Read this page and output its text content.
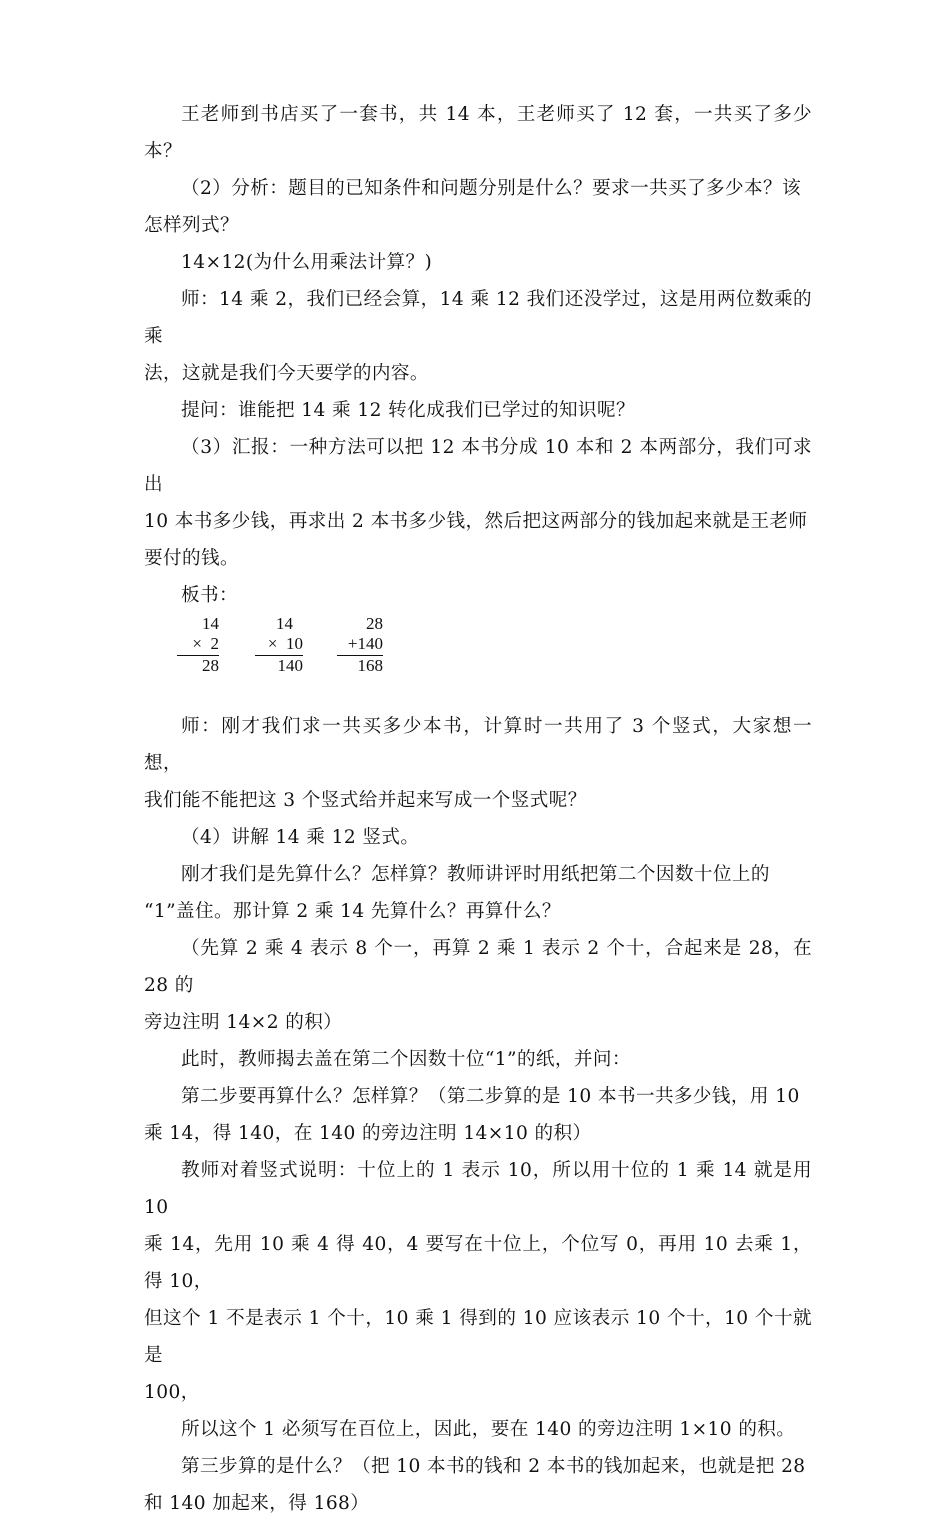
王老师到书店买了一套书，共 14 本，王老师买了 12 套，一共买了多少本？

（2）分析：题目的已知条件和问题分别是什么？要求一共买了多少本？该
怎样列式？

14×12(为什么用乘法计算？)

师：14 乘 2，我们已经会算，14 乘 12 我们还没学过，这是用两位数乘的乘
法，这就是我们今天要学的内容。

提问：谁能把 14 乘 12 转化成我们已学过的知识呢？

（3）汇报：一种方法可以把 12 本书分成 10 本和 2 本两部分，我们可求出
10 本书多少钱，再求出 2 本书多少钱，然后把这两部分的钱加起来就是王老师
要付的钱。

板书：

14
× 2
28
14
× 10
140
28
+140
168

师：刚才我们求一共买多少本书，计算时一共用了 3 个竖式，大家想一想，
我们能不能把这 3 个竖式给并起来写成一个竖式呢？

（4）讲解 14 乘 12 竖式。

刚才我们是先算什么？怎样算？教师讲评时用纸把第二个因数十位上的
“1”盖住。那计算 2 乘 14 先算什么？再算什么？

（先算 2 乘 4 表示 8 个一，再算 2 乘 1 表示 2 个十，合起来是 28，在 28 的
旁边注明 14×2 的积）

此时，教师揭去盖在第二个因数十位“1”的纸，并问：

第二步要再算什么？怎样算？（第二步算的是 10 本书一共多少钱，用 10
乘 14，得 140，在 140 的旁边注明 14×10 的积）

教师对着竖式说明：十位上的 1 表示 10，所以用十位的 1 乘 14 就是用 10
乘 14，先用 10 乘 4 得 40，4 要写在十位上，个位写 0，再用 10 去乘 1，得 10，
但这个 1 不是表示 1 个十，10 乘 1 得到的 10 应该表示 10 个十，10 个十就是
100，

所以这个 1 必须写在百位上，因此，要在 140 的旁边注明 1×10 的积。

第三步算的是什么？（把 10 本书的钱和 2 本书的钱加起来，也就是把 28
和 140 加起来，得 168）
